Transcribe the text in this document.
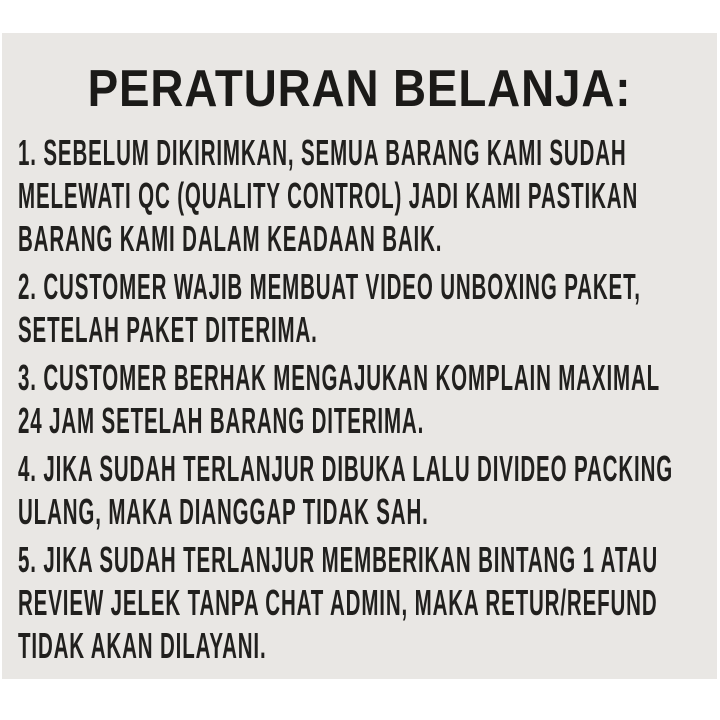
PERATURAN BELANJA:
1. SEBELUM DIKIRIMKAN, SEMUA BARANG KAMI SUDAH
MELEWATI QC (QUALITY CONTROL) JADI KAMI PASTIKAN
BARANG KAMI DALAM KEADAAN BAIK.
2. CUSTOMER WAJIB MEMBUAT VIDEO UNBOXING PAKET,
SETELAH PAKET DITERIMA.
3. CUSTOMER BERHAK MENGAJUKAN KOMPLAIN MAXIMAL
24 JAM SETELAH BARANG DITERIMA.
4. JIKA SUDAH TERLANJUR DIBUKA LALU DIVIDEO PACKING
ULANG, MAKA DIANGGAP TIDAK SAH.
5. JIKA SUDAH TERLANJUR MEMBERIKAN BINTANG 1 ATAU
REVIEW JELEK TANPA CHAT ADMIN, MAKA RETUR/REFUND
TIDAK AKAN DILAYANI.
